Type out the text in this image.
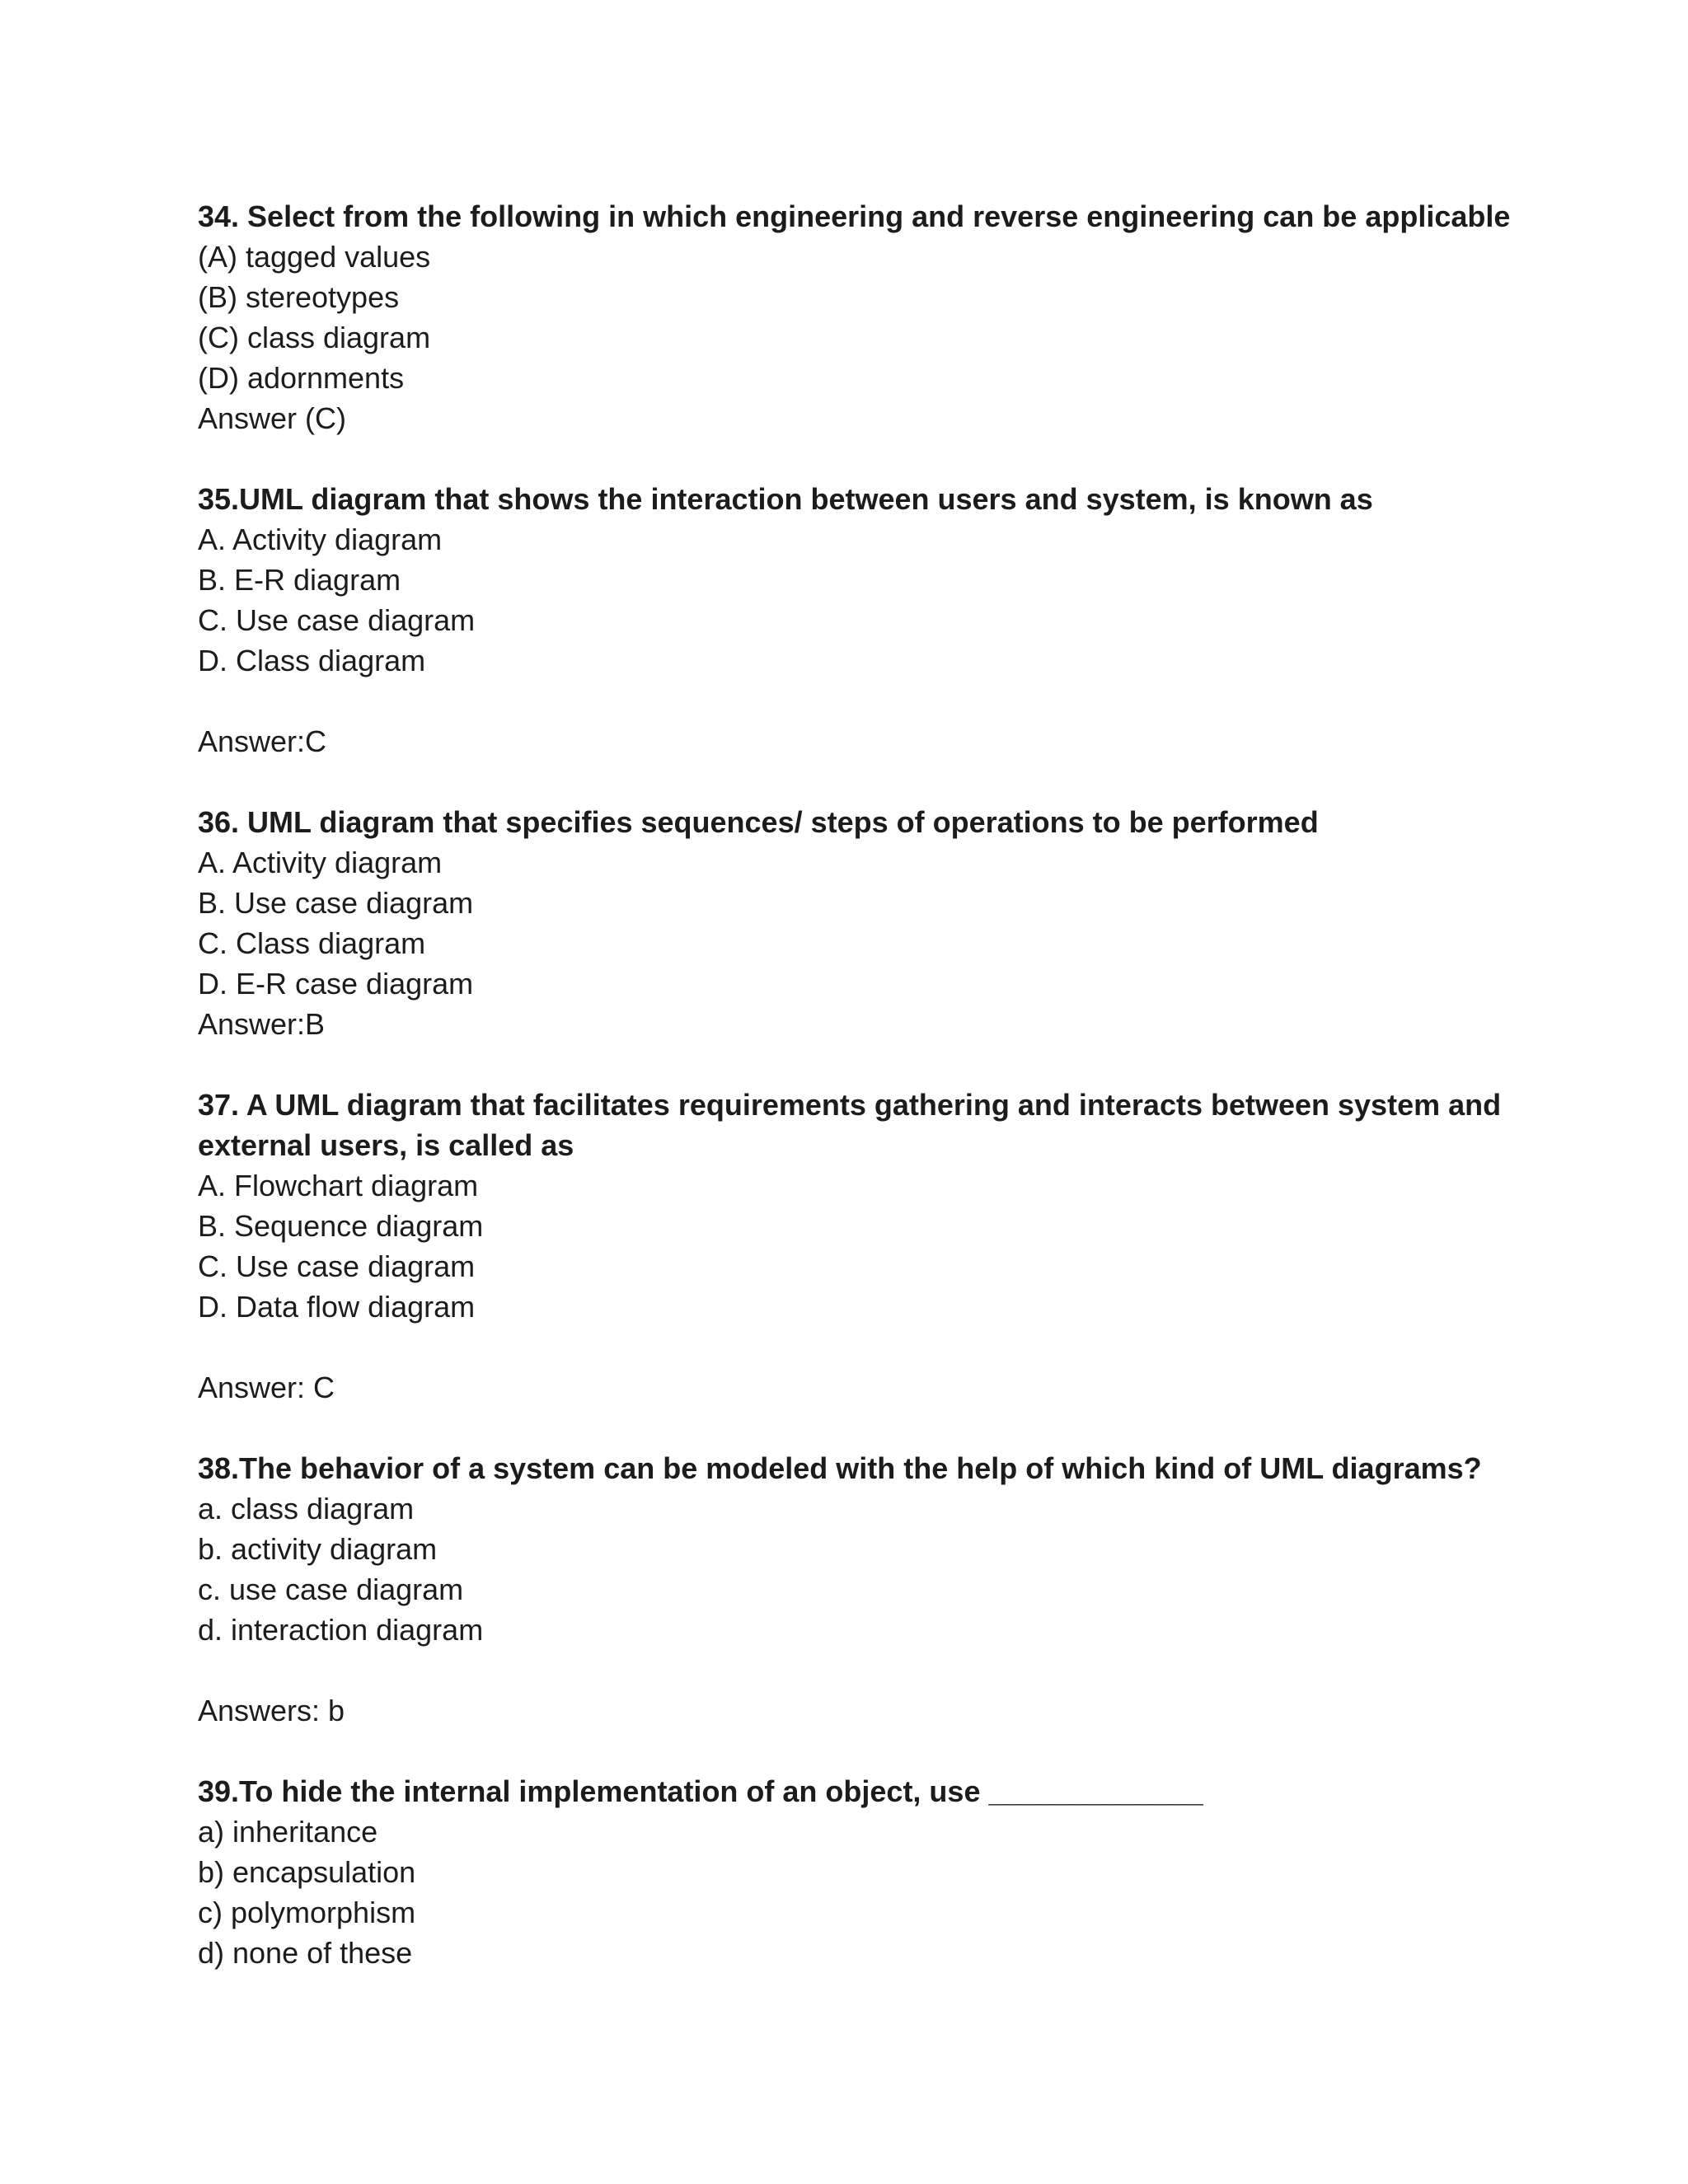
34. Select from the following in which engineering and reverse engineering can be applicable

(A) tagged values

(B) stereotypes

(C) class diagram

(D) adornments

Answer (C)

35.UML diagram that shows the interaction between users and system, is known as

A. Activity diagram

B. E-R diagram

C. Use case diagram

D. Class diagram

Answer:C

36. UML diagram that specifies sequences/ steps of operations to be performed

A. Activity diagram

B. Use case diagram

C. Class diagram

D. E-R case diagram

Answer:B

37. A UML diagram that facilitates requirements gathering and interacts between system and external users, is called as

A. Flowchart diagram

B. Sequence diagram

C. Use case diagram

D. Data flow diagram

Answer: C

38.The behavior of a system can be modeled with the help of which kind of UML diagrams?

a. class diagram

b. activity diagram

c. use case diagram

d. interaction diagram

Answers: b

39.To hide the internal implementation of an object, use _____________

a) inheritance

b) encapsulation

c) polymorphism

d) none of these
